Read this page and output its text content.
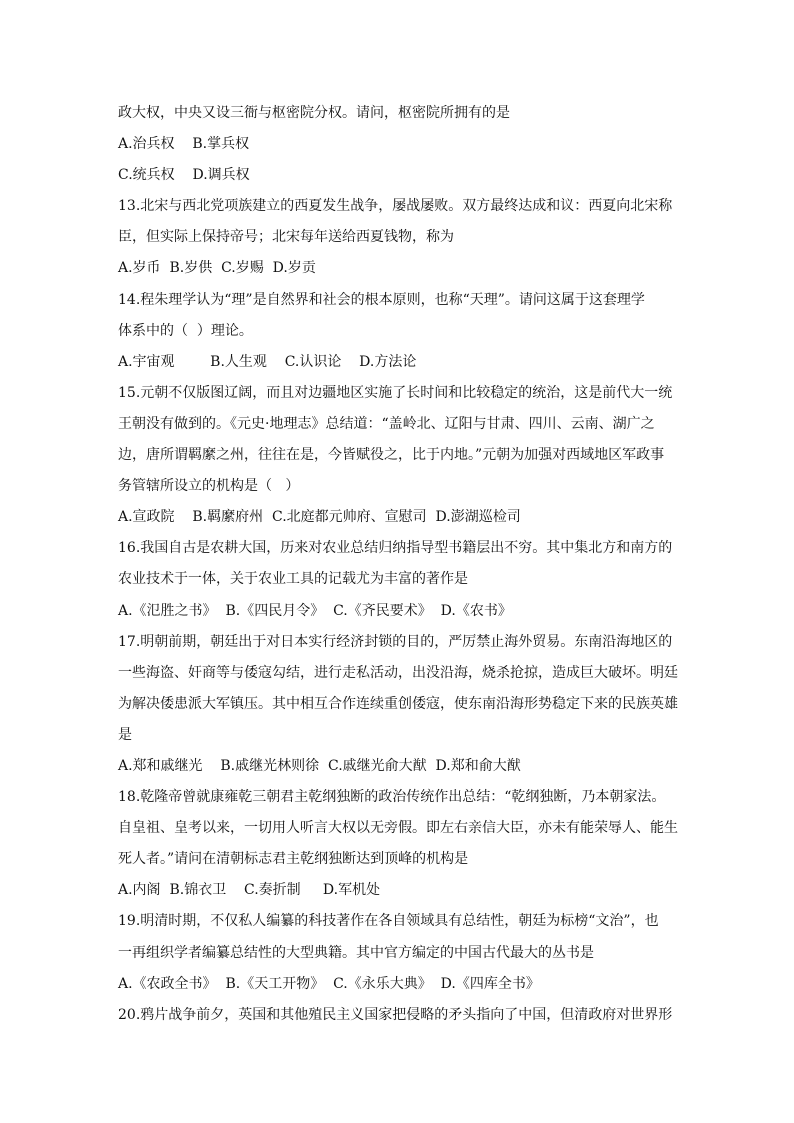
政大权，中央又设三衙与枢密院分权。请问，枢密院所拥有的是
A.治兵权    B.掌兵权
C.统兵权    D.调兵权
13.北宋与西北党项族建立的西夏发生战争，屡战屡败。双方最终达成和议：西夏向北宋称
臣，但实际上保持帝号；北宋每年送给西夏钱物，称为
A.岁币  B.岁供  C.岁赐  D.岁贡
14.程朱理学认为“理”是自然界和社会的根本原则，也称“天理”。请问这属于这套理学
体系中的（  ）理论。
A.宇宙观        B.人生观    C.认识论    D.方法论
15.元朝不仅版图辽阔，而且对边疆地区实施了长时间和比较稳定的统治，这是前代大一统
王朝没有做到的。《元史·地理志》总结道：“盖岭北、辽阳与甘肃、四川、云南、湖广之
边，唐所谓羁縻之州，往往在是，今皆赋役之，比于内地。”元朝为加强对西域地区军政事
务管辖所设立的机构是（   ）
A.宣政院    B.羁縻府州  C.北庭都元帅府、宣慰司  D.澎湖巡检司
16.我国自古是农耕大国，历来对农业总结归纳指导型书籍层出不穷。其中集北方和南方的
农业技术于一体，关于农业工具的记载尤为丰富的著作是
A.《氾胜之书》  B.《四民月令》  C.《齐民要术》  D.《农书》
17.明朝前期，朝廷出于对日本实行经济封锁的目的，严厉禁止海外贸易。东南沿海地区的
一些海盗、奸商等与倭寇勾结，进行走私活动，出没沿海，烧杀抢掠，造成巨大破坏。明廷
为解决倭患派大军镇压。其中相互合作连续重创倭寇，使东南沿海形势稳定下来的民族英雄
是
A.郑和戚继光    B.戚继光林则徐  C.戚继光俞大猷  D.郑和俞大猷
18.乾隆帝曾就康雍乾三朝君主乾纲独断的政治传统作出总结：“乾纲独断，乃本朝家法。
自皇祖、皇考以来，一切用人听言大权以无旁假。即左右亲信大臣，亦未有能荣辱人、能生
死人者。”请问在清朝标志君主乾纲独断达到顶峰的机构是
A.内阁  B.锦衣卫    C.奏折制     D.军机处
19.明清时期，不仅私人编纂的科技著作在各自领域具有总结性，朝廷为标榜“文治”，也
一再组织学者编纂总结性的大型典籍。其中官方编定的中国古代最大的丛书是
A.《农政全书》  B.《天工开物》  C.《永乐大典》  D.《四库全书》
20.鸦片战争前夕，英国和其他殖民主义国家把侵略的矛头指向了中国，但清政府对世界形
